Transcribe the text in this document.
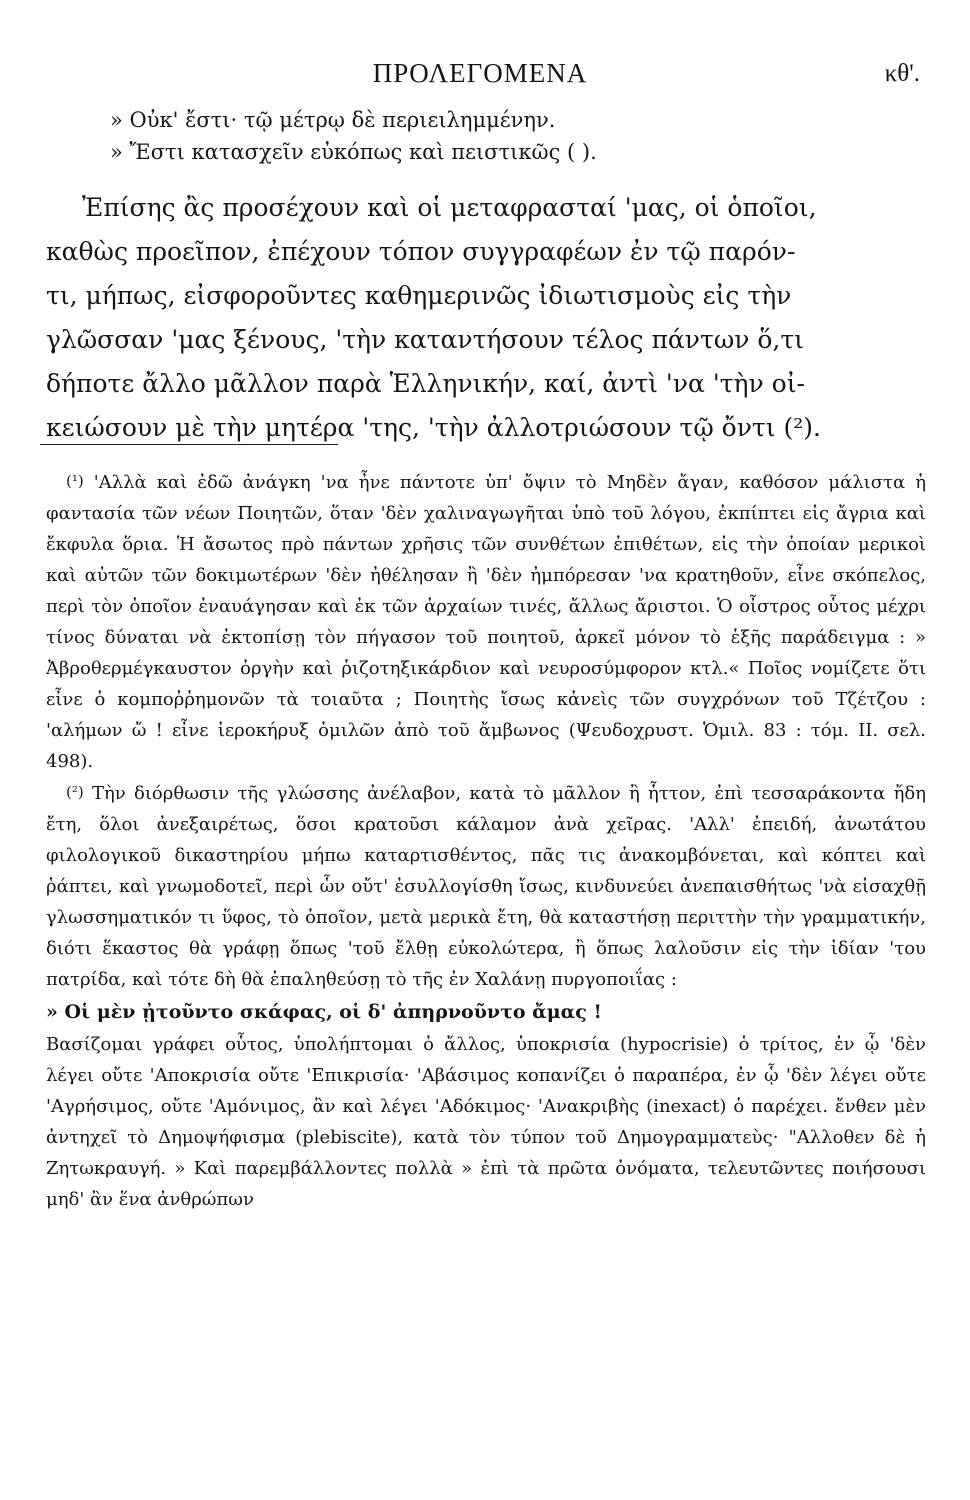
ΠΡΟΛΕΓΟΜΕΝΑ	κθ'.
» Οὐκ' ἔστι· τῷ μέτρῳ δὲ περιειλημμένην.
» Ἔστι κατασχεῖν εὐκόπως καὶ πειστικῶς ( ).
Ἐπίσης ἂς προσέχουν καὶ οἱ μεταφρασταί 'μας, οἱ ὁποῖοι,
καθὼς προεῖπον, ἐπέχουν τόπον συγγραφέων ἐν τῷ παρόν-
τι, μήπως, εἰσφοροῦντες καθημερινῶς ἰδιωτισμοὺς εἰς τὴν
γλῶσσαν 'μας ξένους, 'τὴν καταντήσουν τέλος πάντων ὅ,τι
δήποτε ἄλλο μᾶλλον παρὰ Ἑλληνικήν, καί, ἀντὶ 'να 'τὴν οἰ-
κειώσουν μὲ τὴν μητέρα 'της, 'τὴν ἀλλοτριώσουν τῷ ὄντι (²).

(¹) 'Αλλὰ καὶ ἐδῶ ἀνάγκη 'να ἦνε πάντοτε ὑπ' ὄψιν τὸ Μηδὲν ἄγαν, καθόσον μάλιστα ἡ φαντασία τῶν νέων Ποιητῶν, ὅταν 'δὲν χαλιναγωγῆται ὑπὸ τοῦ λόγου, ἐκπίπτει εἰς ἄγρια καὶ ἔκφυλα ὅρια. Ἡ ἄσωτος πρὸ πάντων χρῆσις τῶν συνθέτων ἐπιθέτων, εἰς τὴν ὁποίαν μερικοὶ καὶ αὐτῶν τῶν δοκιμωτέρων 'δὲν ἠθέλησαν ἢ 'δὲν ἠμπόρεσαν 'να κρατηθοῦν, εἶνε σκόπελος, περὶ τὸν ὁποῖον ἐναυάγησαν καὶ ἐκ τῶν ἀρχαίων τινές, ἄλλως ἄριστοι. Ὁ οἶστρος οὗτος μέχρι τίνος δύναται νὰ ἐκτοπίσῃ τὸν πήγασον τοῦ ποιητοῦ, ἀρκεῖ μόνον τὸ ἑξῆς παράδειγμα : » Ἀβροθερμέγκαυστον ὀργὴν καὶ ῥιζοτηξικάρδιον καὶ νευροσύμφορον κτλ.« Ποῖος νομίζετε ὅτι εἶνε ὁ κομποῤῥημονῶν τὰ τοιαῦτα ; Ποιητὴς ἴσως κἀνεὶς τῶν συγχρόνων τοῦ Τζέτζου : 'αλήμων ὤ ! εἶνε ἱεροκήρυξ ὁμιλῶν ἀπὸ τοῦ ἄμβωνος (Ψευδοχρυστ. Ὁμιλ. 83 : τόμ. II. σελ. 498).

(²) Τὴν διόρθωσιν τῆς γλώσσης ἀνέλαβον, κατὰ τὸ μᾶλλον ἢ ἧττον, ἐπὶ τεσσαράκοντα ἤδη ἔτη, ὅλοι ἀνεξαιρέτως, ὅσοι κρατοῦσι κάλαμον ἀνὰ χεῖρας. 'Αλλ' ἐπειδή, ἀνωτάτου φιλολογικοῦ δικαστηρίου μήπω καταρτισθέντος, πᾶς τις ἀνακομβόνεται, καὶ κόπτει καὶ ῥάπτει, καὶ γνωμοδοτεῖ, περὶ ὧν οὔτ' ἐσυλλογίσθη ἴσως, κινδυνεύει ἀνεπαισθήτως 'νὰ εἰσαχθῇ γλωσσηματικόν τι ὕφος, τὸ ὁποῖον, μετὰ μερικὰ ἔτη, θὰ καταστήσῃ περιττὴν τὴν γραμματικήν, διότι ἕκαστος θὰ γράφῃ ὅπως 'τοῦ ἔλθῃ εὐκολώτερα, ἢ ὅπως λαλοῦσιν εἰς τὴν ἰδίαν 'του πατρίδα, καὶ τότε δὴ θὰ ἐπαληθεύσῃ τὸ τῆς ἐν Χαλάνῃ πυργοποιΐας :

» Οἱ μὲν ᾐτοῦντο σκάφας, οἱ δ' ἀπηρνοῦντο ἄμας !

Βασίζομαι γράφει οὗτος, ὑπολήπτομαι ὁ ἄλλος, ὑποκρισία (hypocrisie) ὁ τρίτος, ἐν ᾧ 'δὲν λέγει οὔτε 'Αποκρισία οὔτε 'Επικρισία· 'Αβάσιμος κοπανίζει ὁ παραπέρα, ἐν ᾧ 'δὲν λέγει οὔτε 'Αγρήσιμος, οὔτε 'Αμόνιμος, ἂν καὶ λέγει 'Αδόκιμος· 'Ανακριβὴς (inexact) ὁ παρέχει. ἔνθεν μὲν ἀντηχεῖ τὸ Δημοψήφισμα (plebiscite), κατὰ τὸν τύπον τοῦ Δημογραμματεὺς· "Αλλοθεν δὲ ἡ Ζητωκραυγή. » Καὶ παρεμβάλλοντες πολλὰ » ἐπὶ τὰ πρῶτα ὀνόματα, τελευτῶντες ποιήσουσι μηδ' ἂν ἕνα ἀνθρώπων
